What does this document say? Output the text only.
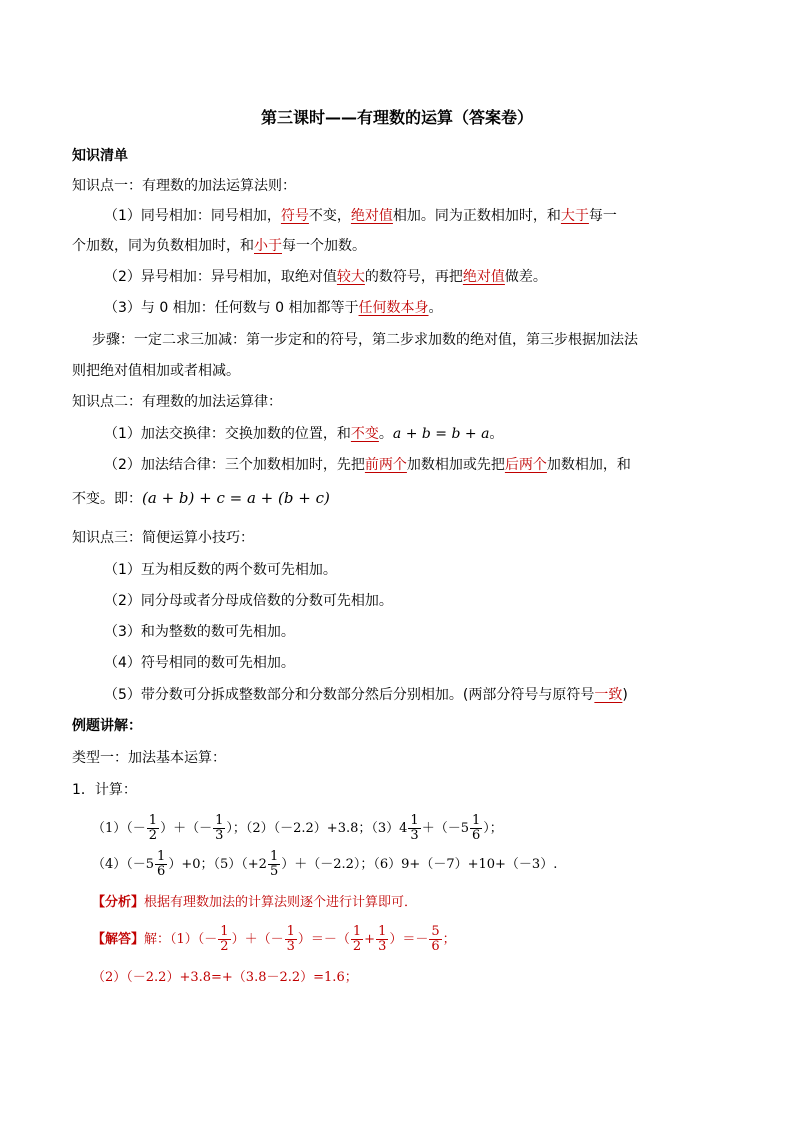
第三课时——有理数的运算（答案卷）
知识清单
知识点一：有理数的加法运算法则：
（1）同号相加：同号相加，符号不变，绝对值相加。同为正数相加时，和大于每一
个加数，同为负数相加时，和小于每一个加数。
（2）异号相加：异号相加，取绝对值较大的数符号，再把绝对值做差。
（3）与 0 相加：任何数与 0 相加都等于任何数本身。
步骤：一定二求三加减：第一步定和的符号，第二步求加数的绝对值，第三步根据加法法
则把绝对值相加或者相减。
知识点二：有理数的加法运算律：
（1）加法交换律：交换加数的位置，和不变。a + b = b + a。
（2）加法结合律：三个加数相加时，先把前两个加数相加或先把后两个加数相加，和
不变。即：(a + b) + c = a + (b + c)
知识点三：简便运算小技巧：
（1）互为相反数的两个数可先相加。
（2）同分母或者分母成倍数的分数可先相加。
（3）和为整数的数可先相加。
（4）符号相同的数可先相加。
（5）带分数可分拆成整数部分和分数部分然后分别相加。(两部分符号与原符号一致)
例题讲解：
类型一：加法基本运算：
1．计算：
$(1)(- \frac{1}{2}$ ）＋（－ $\frac{1}{3}$ ）；（2）（－2.2）+3.8；$(3)4 \frac{1}{3} +(-5 \frac{1}{6}$ ）；
$(4)(-5 \frac{1}{6} )+0$；$(5)(+2 \frac{1}{5} )+(-2.2)$；（6）9+（－7）+10+（－3）.
【分析】根据有理数加法的计算法则逐个进行计算即可．
【解答】解：$(1)(- \frac{1}{2}$ ）＋（－ $\frac{1}{3}$ ）＝－（ $\frac{1}{2} + \frac{1}{3}$ ）＝－ $\frac{5}{6}$ ；
（2）（－2.2）+3.8=+（3.8－2.2）=1.6；
